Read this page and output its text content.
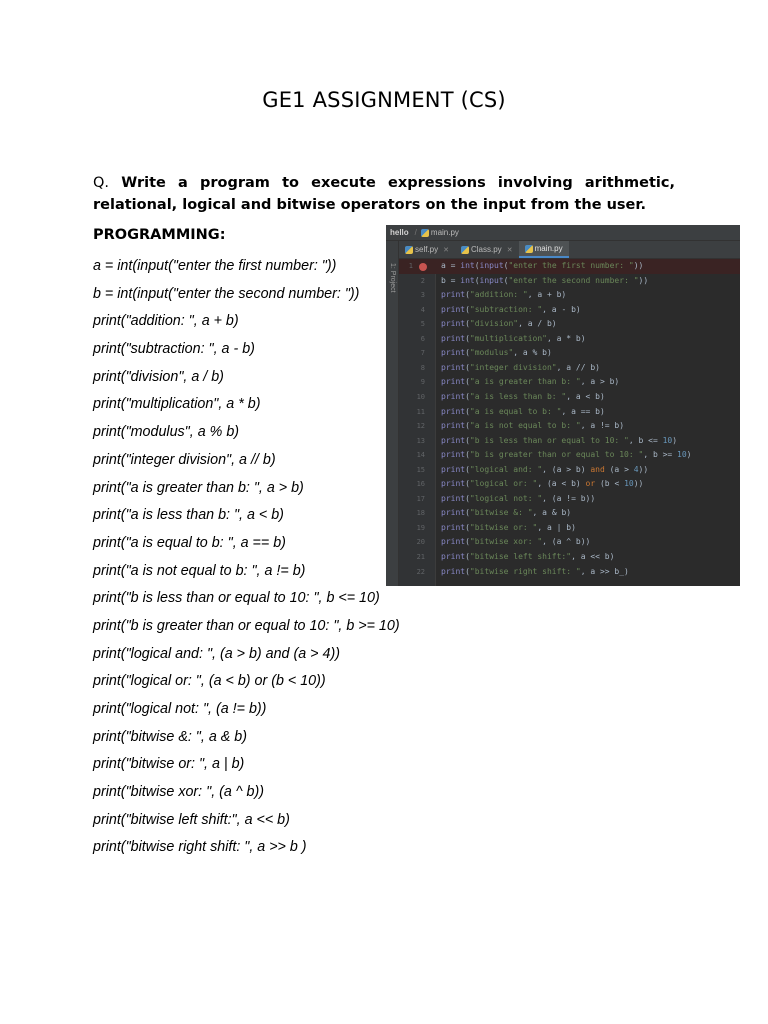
GE1 ASSIGNMENT (CS)
Q. Write a program to execute expressions involving arithmetic, relational, logical and bitwise operators on the input from the user.
PROGRAMMING:
a = int(input("enter the first number: "))
b = int(input("enter the second number: "))
print("addition: ", a + b)
print("subtraction: ", a - b)
print("division", a / b)
print("multiplication", a * b)
print("modulus", a % b)
print("integer division", a // b)
print("a is greater than b: ", a > b)
print("a is less than b: ", a < b)
print("a is equal to b: ", a == b)
print("a is not equal to b: ", a != b)
print("b is less than or equal to 10: ", b <= 10)
print("b is greater than or equal to 10: ", b >= 10)
print("logical and: ", (a > b) and (a > 4))
print("logical or: ", (a < b) or (b < 10))
print("logical not: ", (a != b))
print("bitwise &: ", a & b)
print("bitwise or: ", a | b)
print("bitwise xor: ", (a ^ b))
print("bitwise left shift:", a << b)
print("bitwise right shift: ", a >> b )
hello / main.py
1: Project
self.py ✕	Class.py ✕	main.py
1	a = int(input("enter the first number: "))
2 b = int(input("enter the second number: "))
3 print("addition: ", a + b)
4 print("subtraction: ", a - b)
5 print("division", a / b)
6 print("multiplication", a * b)
7 print("modulus", a % b)
8 print("integer division", a // b)
9 print("a is greater than b: ", a > b)
10 print("a is less than b: ", a < b)
11 print("a is equal to b: ", a == b)
12 print("a is not equal to b: ", a != b)
13 print("b is less than or equal to 10: ", b <= 10)
14 print("b is greater than or equal to 10: ", b >= 10)
15 print("logical and: ", (a > b) and (a > 4))
16 print("logical or: ", (a < b) or (b < 10))
17 print("logical not: ", (a != b))
18 print("bitwise &: ", a & b)
19 print("bitwise or: ", a | b)
20 print("bitwise xor: ", (a ^ b))
21 print("bitwise left shift:", a << b)
22 print("bitwise right shift: ", a >> b_)
